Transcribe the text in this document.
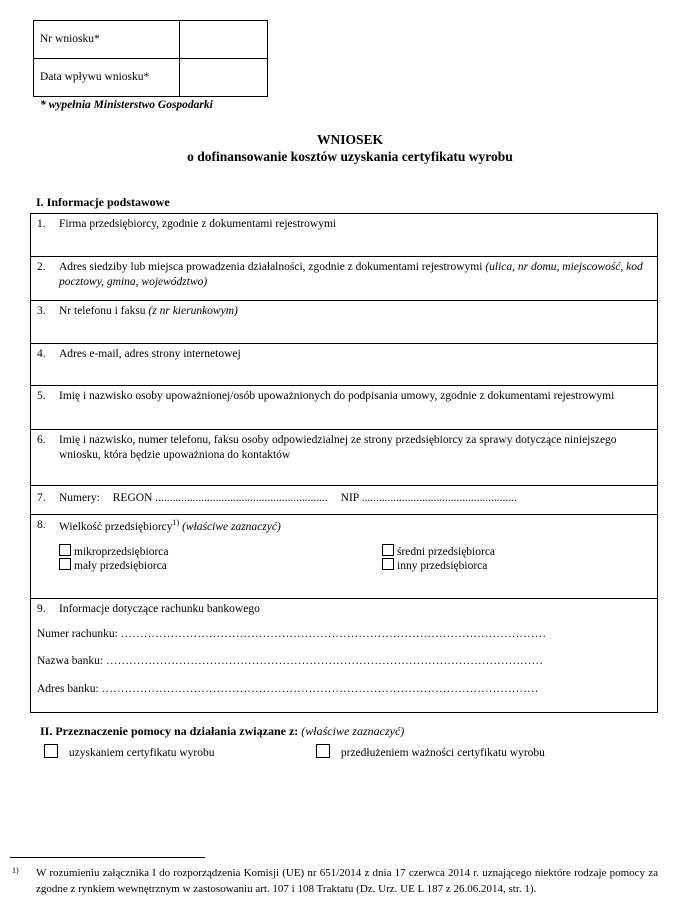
Nr wniosku*	
Data wpływu wniosku*	
* wypełnia Ministerstwo Gospodarki
WNIOSEK
o dofinansowanie kosztów uzyskania certyfikatu wyrobu
I. Informacje podstawowe
1. Firma przedsiębiorcy, zgodnie z dokumentami rejestrowymi
2. Adres siedziby lub miejsca prowadzenia działalności, zgodnie z dokumentami rejestrowymi (ulica, nr domu, miejscowość, kod pocztowy, gmina, województwo)
3. Nr telefonu i faksu (z nr kierunkowym)
4. Adres e-mail, adres strony internetowej
5. Imię i nazwisko osoby upoważnionej/osób upoważnionych do podpisania umowy, zgodnie z dokumentami rejestrowymi
6. Imię i nazwisko, numer telefonu, faksu osoby odpowiedzialnej ze strony przedsiębiorcy za sprawy dotyczące niniejszego wniosku, która będzie upoważniona do kontaktów
7. Numery: REGON ............................................................ NIP ......................................................
8. Wielkość przedsiębiorcy$^{1)}$ (właściwe zaznaczyć)
mikroprzedsiębiorca
mały przedsiębiorca
średni przedsiębiorca
inny przedsiębiorca
9. Informacje dotyczące rachunku bankowego
Numer rachunku: …………………………………………………………………………………………………
Nazwa banku: ……………………………………………………………………………………………………
Adres banku: ……………………………………………………………………………………………………
II. Przeznaczenie pomocy na działania związane z: (właściwe zaznaczyć)
uzyskaniem certyfikatu wyrobu	przedłużeniem ważności certyfikatu wyrobu
1) W rozumieniu załącznika I do rozporządzenia Komisji (UE) nr 651/2014 z dnia 17 czerwca 2014 r. uznającego niektóre rodzaje pomocy za zgodne z rynkiem wewnętrznym w zastosowaniu art. 107 i 108 Traktatu (Dz. Urz. UE L 187 z 26.06.2014, str. 1).
